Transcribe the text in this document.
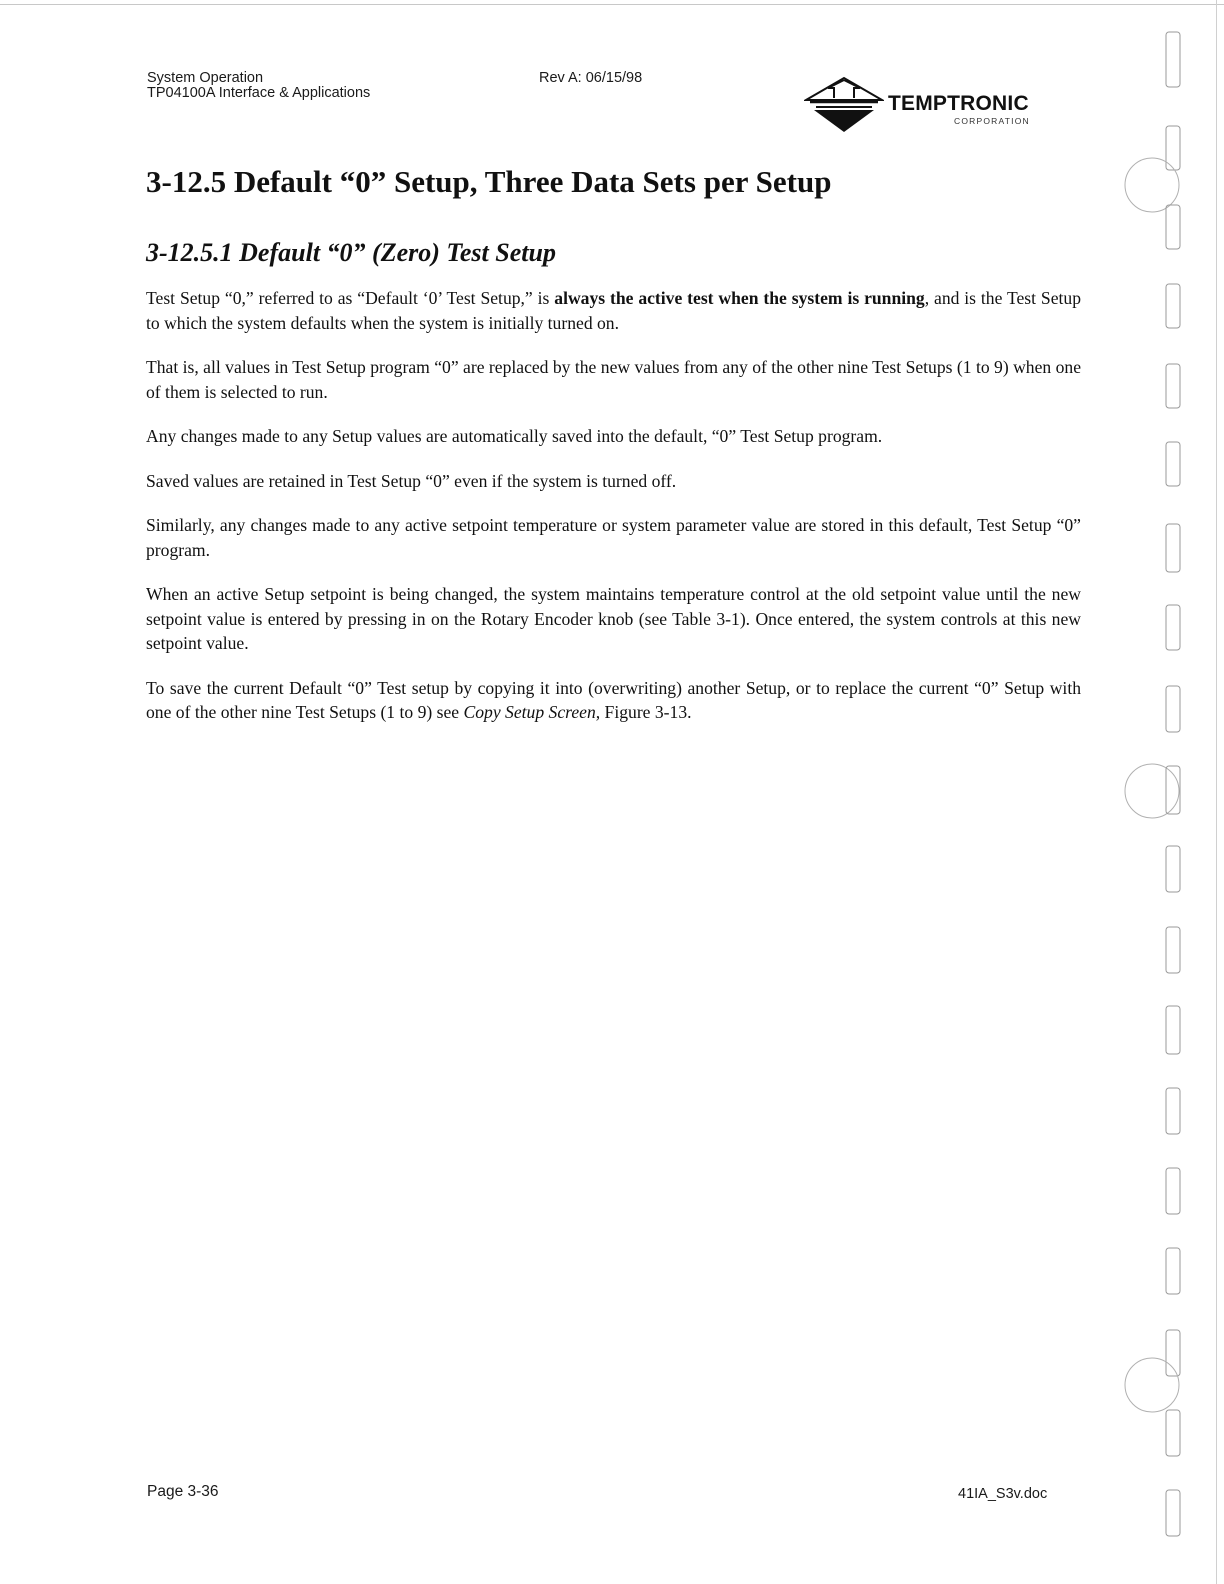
System Operation
TP04100A Interface & Applications
Rev A: 06/15/98
TEMPTRONIC
CORPORATION
3-12.5 Default “0” Setup, Three Data Sets per Setup
3-12.5.1 Default “0” (Zero) Test Setup

Test Setup “0,” referred to as “Default ‘0’ Test Setup,” is always the active test when the system is running, and is the Test Setup to which the system defaults when the system is initially turned on.

That is, all values in Test Setup program “0” are replaced by the new values from any of the other nine Test Setups (1 to 9) when one of them is selected to run.

Any changes made to any Setup values are automatically saved into the default, “0” Test Setup program.

Saved values are retained in Test Setup “0” even if the system is turned off.

Similarly, any changes made to any active setpoint temperature or system parameter value are stored in this default, Test Setup “0” program.

When an active Setup setpoint is being changed, the system maintains temperature control at the old setpoint value until the new setpoint value is entered by pressing in on the Rotary Encoder knob (see Table 3-1). Once entered, the system controls at this new setpoint value.

To save the current Default “0” Test setup by copying it into (overwriting) another Setup, or to replace the current “0” Setup with one of the other nine Test Setups (1 to 9) see Copy Setup Screen, Figure 3-13.

Page 3-36	41IA_S3v.doc
